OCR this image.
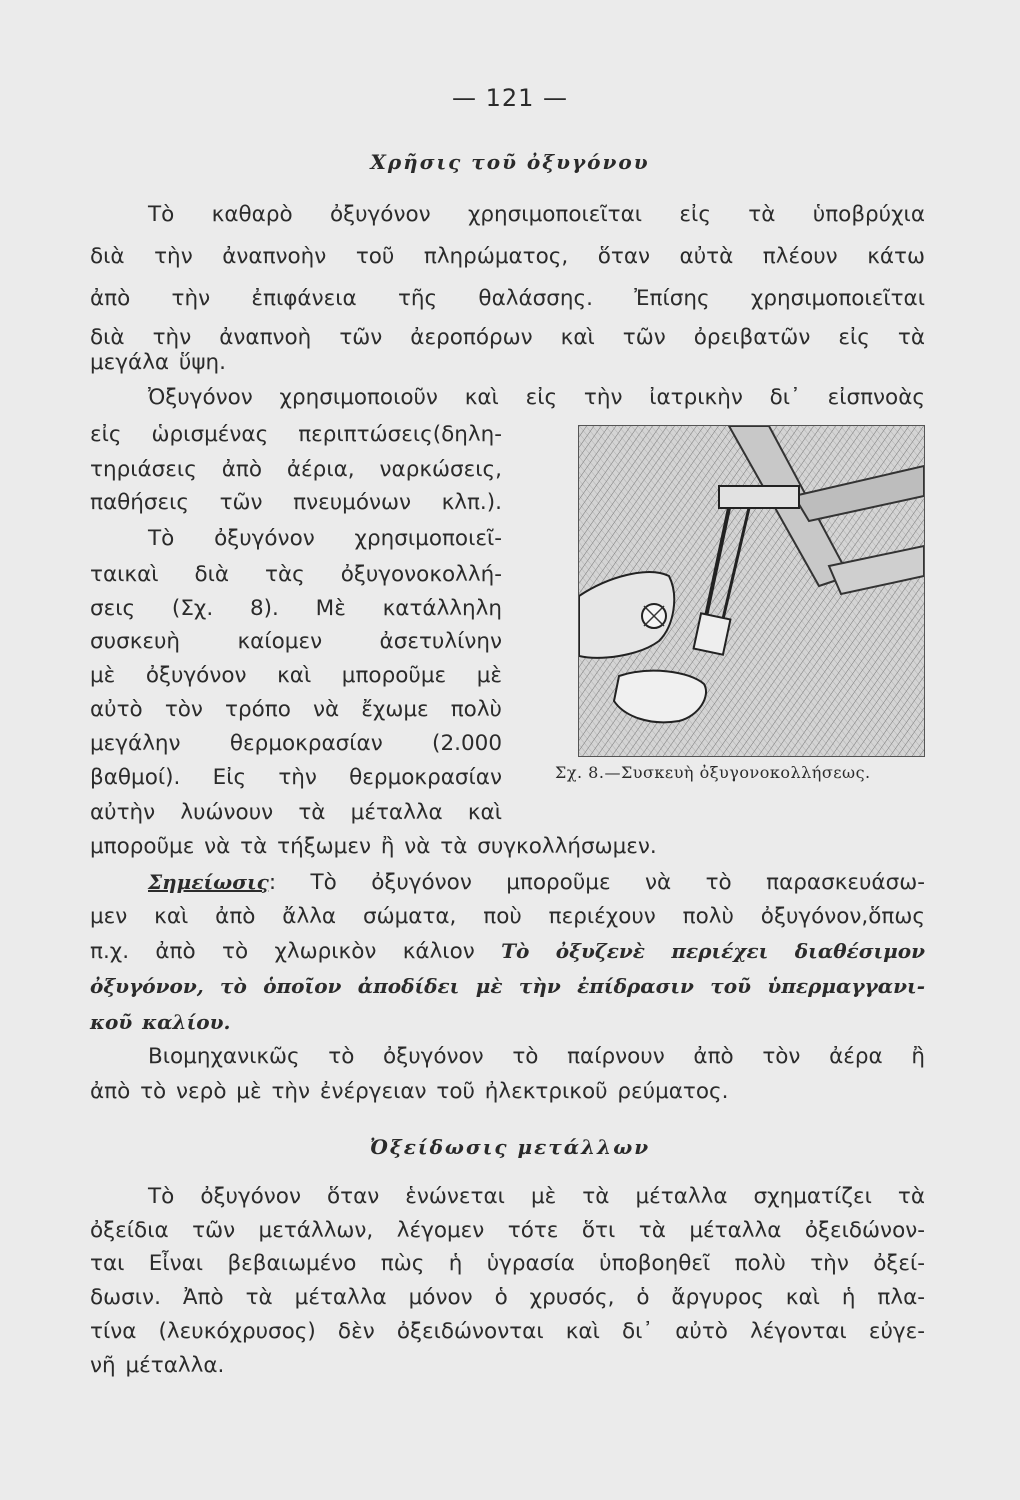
— 121 —
Χρῆσις τοῦ ὀξυγόνου
Τὸ καθαρὸ ὀξυγόνον χρησιμοποιεῖται εἰς τὰ ὑποβρύχια
διὰ τὴν ἀναπνοὴν τοῦ πληρώματος, ὅταν αὐτὰ πλέουν κάτω
ἀπὸ τὴν ἐπιφάνεια τῆς θαλάσσης. Ἐπίσης χρησιμοποιεῖται
διὰ τὴν ἀναπνοὴ τῶν ἀεροπόρων καὶ τῶν ὀρειβατῶν εἰς τὰ
μεγάλα ὕψη.
Ὀξυγόνον χρησιμοποιοῦν καὶ εἰς τὴν ἰατρικὴν δι᾽ εἰσπνοὰς
εἰς ὡρισμένας περιπτώσεις(δηλη-
τηριάσεις ἀπὸ ἀέρια, ναρκώσεις,
παθήσεις τῶν πνευμόνων κλπ.).
Τὸ ὀξυγόνον χρησιμοποιεῖ-
ταικαὶ διὰ τὰς ὀξυγονοκολλή-
σεις (Σχ. 8). Μὲ κατάλληλη
συσκευὴ καίομεν ἀσετυλίνην
μὲ ὀξυγόνον καὶ μποροῦμε μὲ
αὐτὸ τὸν τρόπο νὰ ἔχωμε πολὺ
μεγάλην θερμοκρασίαν (2.000
βαθμοί). Εἰς τὴν θερμοκρασίαν
αὐτὴν λυώνουν τὰ μέταλλα καὶ
μποροῦμε νὰ τὰ τήξωμεν ἢ νὰ τὰ συγκολλήσωμεν.
Σχ. 8.—Συσκευὴ ὀξυγονοκολλήσεως.
Σημείωσις: Τὸ ὀξυγόνον μποροῦμε νὰ τὸ παρασκευάσω-
μεν καὶ ἀπὸ ἄλλα σώματα, ποὺ περιέχουν πολὺ ὀξυγόνον,ὅπως
π.χ. ἀπὸ τὸ χλωρικὸν κάλιον Τὸ ὀξυζενὲ περιέχει διαθέσιμον
ὀξυγόνον, τὸ ὁποῖον ἀποδίδει μὲ τὴν ἐπίδρασιν τοῦ ὑπερμαγγανι-
κοῦ καλίου.
Βιομηχανικῶς τὸ ὀξυγόνον τὸ παίρνουν ἀπὸ τὸν ἀέρα ἢ
ἀπὸ τὸ νερὸ μὲ τὴν ἐνέργειαν τοῦ ἠλεκτρικοῦ ρεύματος.
Ὀξείδωσις μετάλλων
Τὸ ὀξυγόνον ὅταν ἑνώνεται μὲ τὰ μέταλλα σχηματίζει τὰ
ὀξείδια τῶν μετάλλων, λέγομεν τότε ὅτι τὰ μέταλλα ὀξειδώνον-
ται Εἶναι βεβαιωμένο πὼς ἡ ὑγρασία ὑποβοηθεῖ πολὺ τὴν ὀξεί-
δωσιν. Ἀπὸ τὰ μέταλλα μόνον ὁ χρυσός, ὁ ἄργυρος καὶ ἡ πλα-
τίνα (λευκόχρυσος) δὲν ὀξειδώνονται καὶ δι᾽ αὐτὸ λέγονται εὐγε-
νῆ μέταλλα.
